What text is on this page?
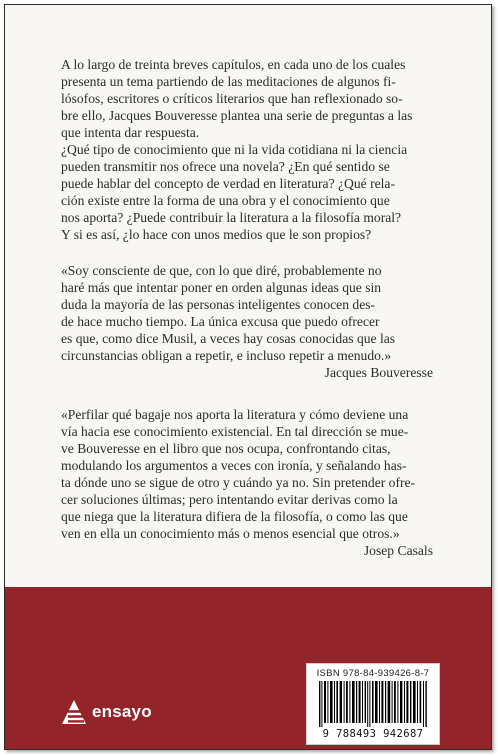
A lo largo de treinta breves capítulos, en cada uno de los cuales

presenta un tema partiendo de las meditaciones de algunos fi-

lósofos, escritores o críticos literarios que han reflexionado so-

bre ello, Jacques Bouveresse plantea una serie de preguntas a las

que intenta dar respuesta.

¿Qué tipo de conocimiento que ni la vida cotidiana ni la ciencia

pueden transmitir nos ofrece una novela? ¿En qué sentido se

puede hablar del concepto de verdad en literatura? ¿Qué rela-

ción existe entre la forma de una obra y el conocimiento que

nos aporta? ¿Puede contribuir la literatura a la filosofía moral?

Y si es así, ¿lo hace con unos medios que le son propios?

«Soy consciente de que, con lo que diré, probablemente no

haré más que intentar poner en orden algunas ideas que sin

duda la mayoría de las personas inteligentes conocen des-

de hace mucho tiempo. La única excusa que puedo ofrecer

es que, como dice Musil, a veces hay cosas conocidas que las

circunstancias obligan a repetir, e incluso repetir a menudo.»

Jacques Bouveresse

«Perfilar qué bagaje nos aporta la literatura y cómo deviene una

vía hacia ese conocimiento existencial. En tal dirección se mue-

ve Bouveresse en el libro que nos ocupa, confrontando citas,

modulando los argumentos a veces con ironía, y señalando has-

ta dónde uno se sigue de otro y cuándo ya no. Sin pretender ofre-

cer soluciones últimas; pero intentando evitar derivas como la

que niega que la literatura difiera de la filosofía, o como las que

ven en ella un conocimiento más o menos esencial que otros.»

Josep Casals

ensayo
ISBN 978-84-939426-8-7
9 788493 942687
